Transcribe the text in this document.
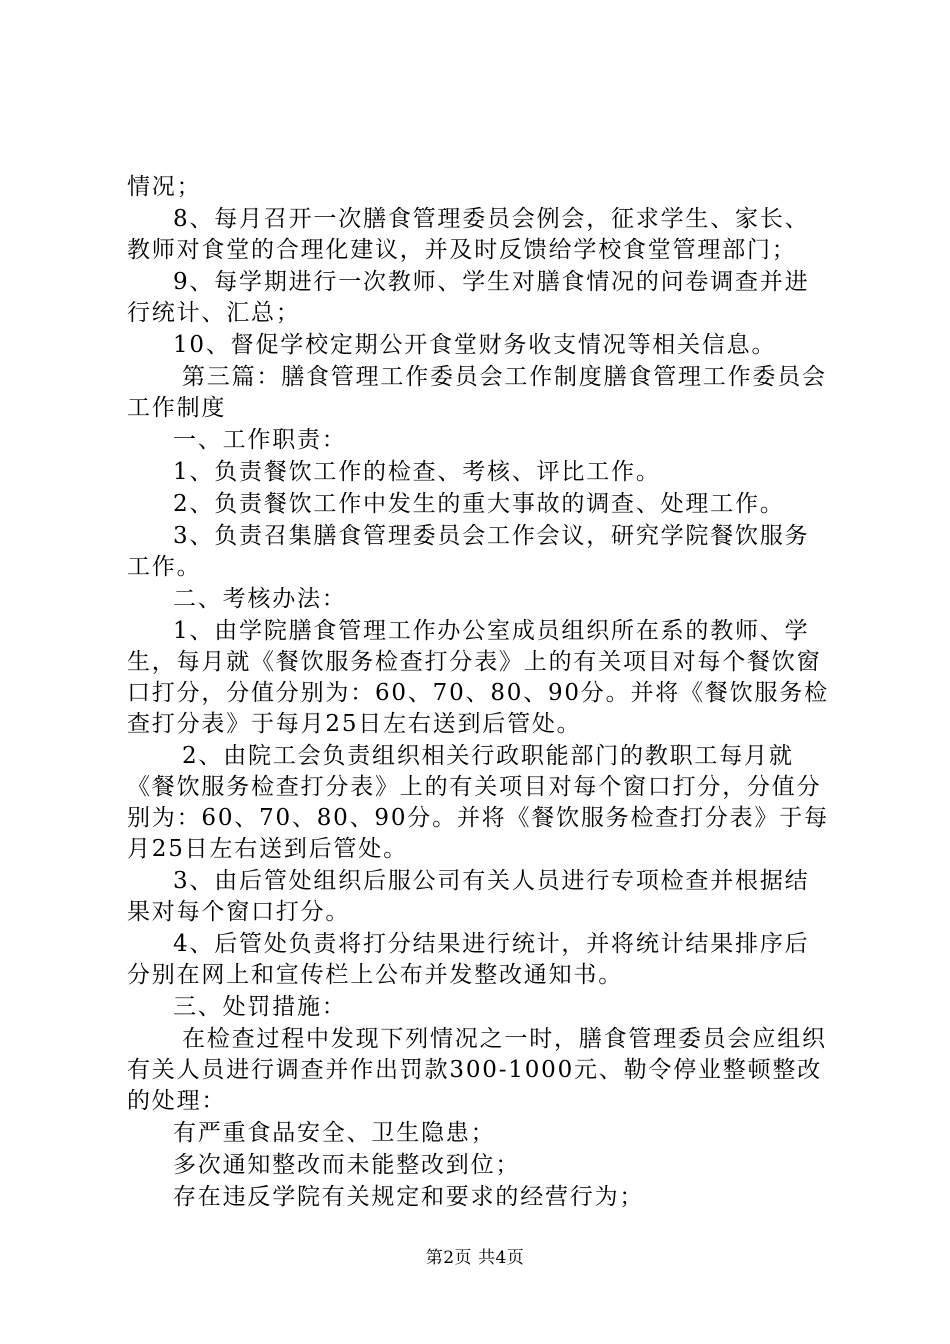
情况；

8、每月召开一次膳食管理委员会例会，征求学生、家长、教师对食堂的合理化建议，并及时反馈给学校食堂管理部门；

9、每学期进行一次教师、学生对膳食情况的问卷调查并进行统计、汇总；

10、督促学校定期公开食堂财务收支情况等相关信息。

第三篇：膳食管理工作委员会工作制度膳食管理工作委员会工作制度

一、工作职责：

1、负责餐饮工作的检查、考核、评比工作。

2、负责餐饮工作中发生的重大事故的调查、处理工作。

3、负责召集膳食管理委员会工作会议，研究学院餐饮服务工作。

二、考核办法：

1、由学院膳食管理工作办公室成员组织所在系的教师、学生，每月就《餐饮服务检查打分表》上的有关项目对每个餐饮窗口打分，分值分别为：60、70、80、90分。并将《餐饮服务检查打分表》于每月25日左右送到后管处。

2、由院工会负责组织相关行政职能部门的教职工每月就《餐饮服务检查打分表》上的有关项目对每个窗口打分，分值分别为：60、70、80、90分。并将《餐饮服务检查打分表》于每月25日左右送到后管处。

3、由后管处组织后服公司有关人员进行专项检查并根据结果对每个窗口打分。

4、后管处负责将打分结果进行统计，并将统计结果排序后分别在网上和宣传栏上公布并发整改通知书。

三、处罚措施：

在检查过程中发现下列情况之一时，膳食管理委员会应组织有关人员进行调查并作出罚款300-1000元、勒令停业整顿整改的处理：

有严重食品安全、卫生隐患；

多次通知整改而未能整改到位；

存在违反学院有关规定和要求的经营行为；

第2页 共4页
